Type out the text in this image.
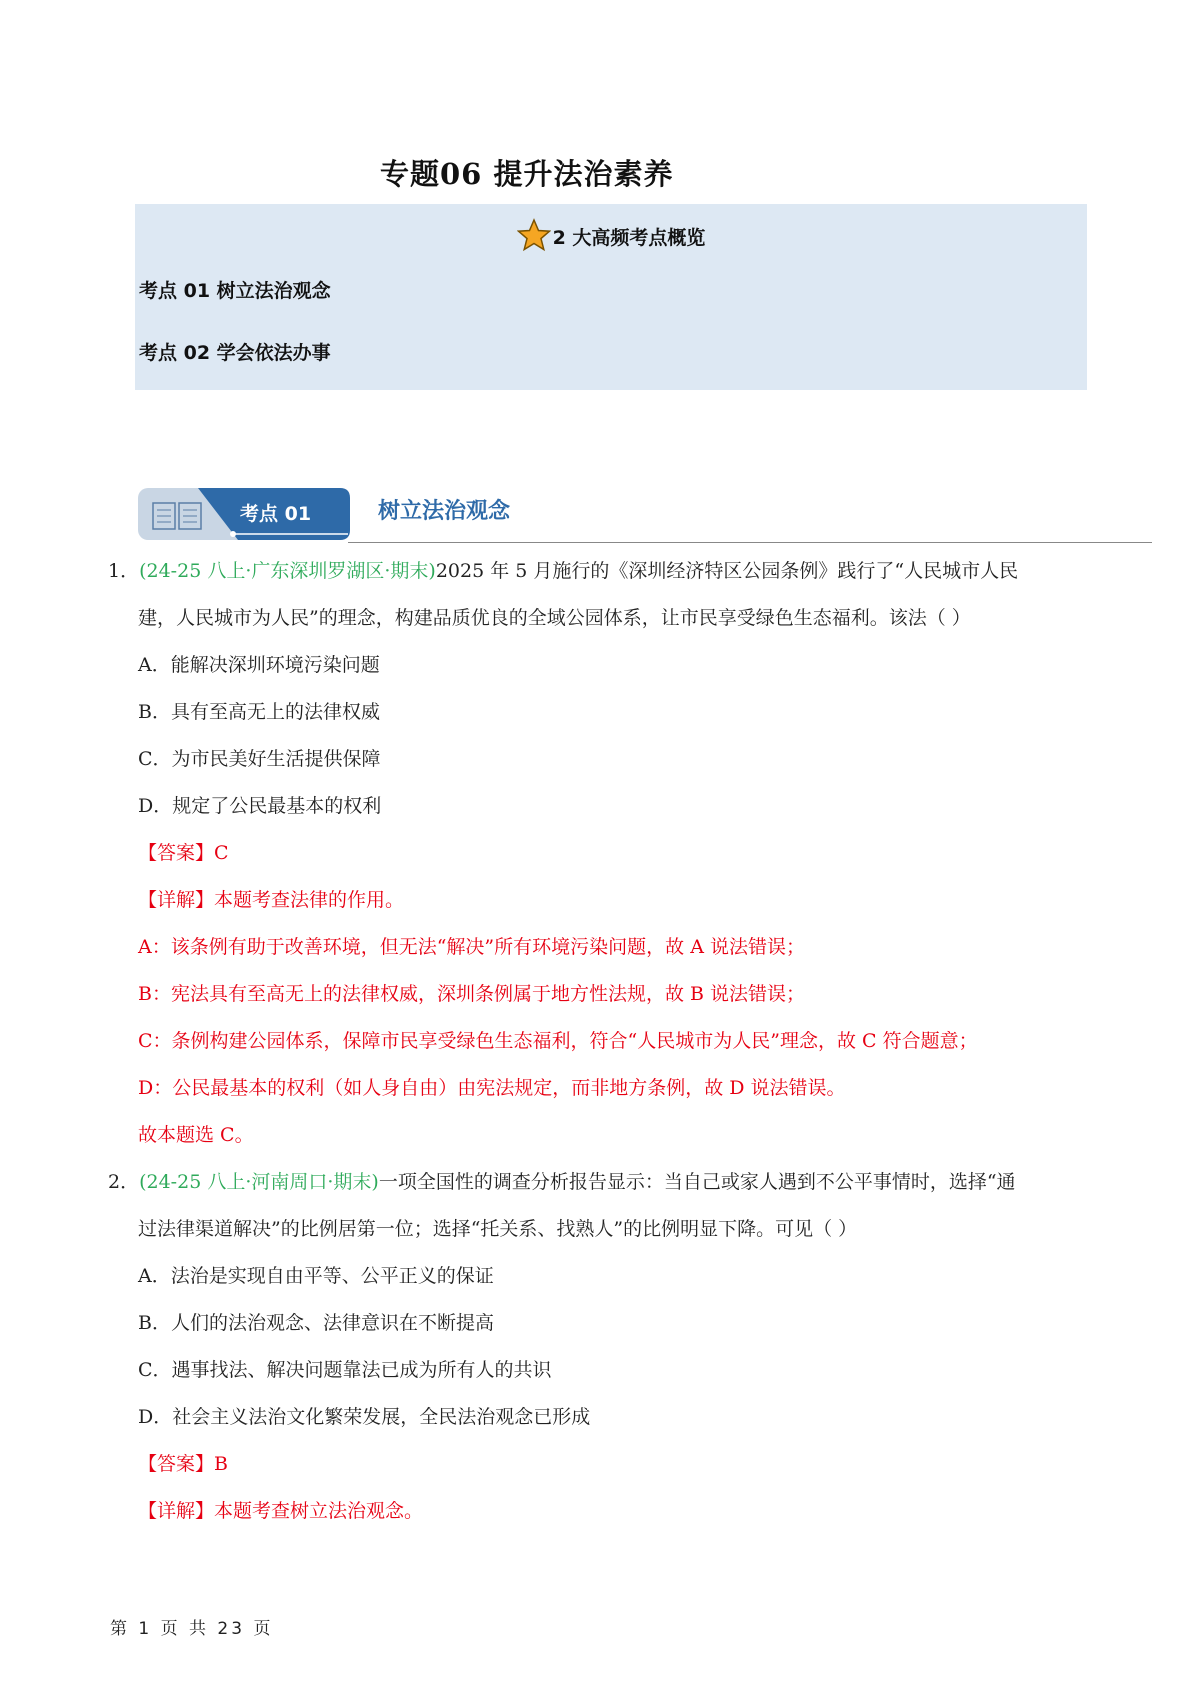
专题06 提升法治素养
2 大高频考点概览
考点 01 树立法治观念
考点 02 学会依法办事
考点 01	树立法治观念
1．(24-25 八上·广东深圳罗湖区·期末)2025 年 5 月施行的《深圳经济特区公园条例》践行了“人民城市人民
建，人民城市为人民”的理念，构建品质优良的全域公园体系，让市民享受绿色生态福利。该法（ ）
A．能解决深圳环境污染问题
B．具有至高无上的法律权威
C．为市民美好生活提供保障
D．规定了公民最基本的权利
【答案】C
【详解】本题考查法律的作用。
A：该条例有助于改善环境，但无法“解决”所有环境污染问题，故 A 说法错误；
B：宪法具有至高无上的法律权威，深圳条例属于地方性法规，故 B 说法错误；
C：条例构建公园体系，保障市民享受绿色生态福利，符合“人民城市为人民”理念，故 C 符合题意；
D：公民最基本的权利（如人身自由）由宪法规定，而非地方条例，故 D 说法错误。
故本题选 C。
2．(24-25 八上·河南周口·期末)一项全国性的调查分析报告显示：当自己或家人遇到不公平事情时，选择“通
过法律渠道解决”的比例居第一位；选择“托关系、找熟人”的比例明显下降。可见（ ）
A．法治是实现自由平等、公平正义的保证
B．人们的法治观念、法律意识在不断提高
C．遇事找法、解决问题靠法已成为所有人的共识
D．社会主义法治文化繁荣发展，全民法治观念已形成
【答案】B
【详解】本题考查树立法治观念。
第 1 页 共 23 页
